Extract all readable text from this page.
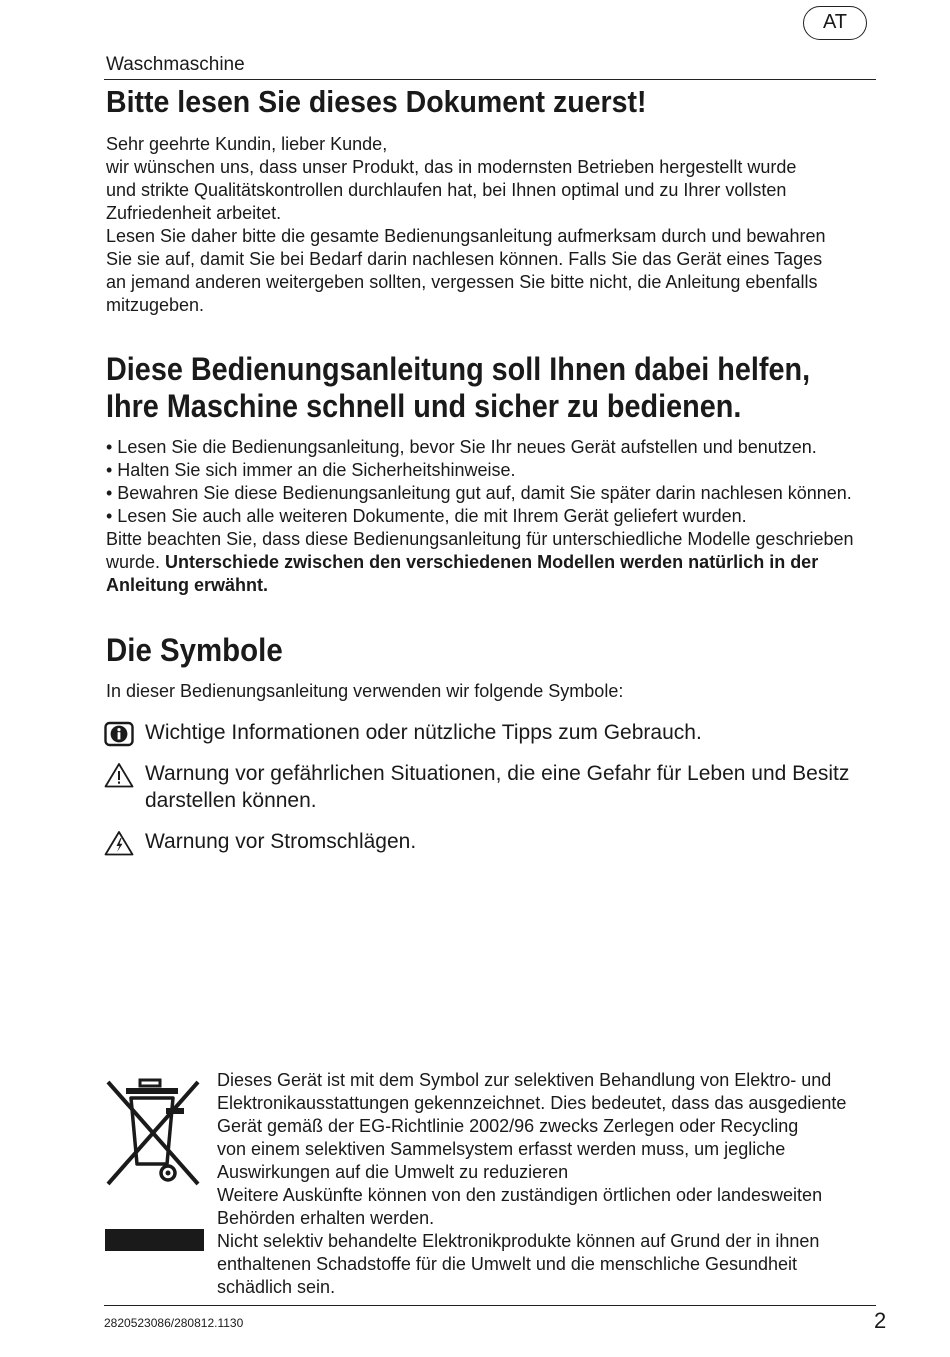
AT
Waschmaschine
Bitte lesen Sie dieses Dokument zuerst!
Sehr geehrte Kundin, lieber Kunde,
wir wünschen uns, dass unser Produkt, das in modernsten Betrieben hergestellt wurde
und strikte Qualitätskontrollen durchlaufen hat, bei Ihnen optimal und zu Ihrer vollsten
Zufriedenheit arbeitet.
Lesen Sie daher bitte die gesamte Bedienungsanleitung aufmerksam durch und bewahren
Sie sie auf, damit Sie bei Bedarf darin nachlesen können. Falls Sie das Gerät eines Tages
an jemand anderen weitergeben sollten, vergessen Sie bitte nicht, die Anleitung ebenfalls
mitzugeben.
Diese Bedienungsanleitung soll Ihnen dabei helfen,
Ihre Maschine schnell und sicher zu bedienen.
• Lesen Sie die Bedienungsanleitung, bevor Sie Ihr neues Gerät aufstellen und benutzen.
• Halten Sie sich immer an die Sicherheitshinweise.
• Bewahren Sie diese Bedienungsanleitung gut auf, damit Sie später darin nachlesen können.
• Lesen Sie auch alle weiteren Dokumente, die mit Ihrem Gerät geliefert wurden.
Bitte beachten Sie, dass diese Bedienungsanleitung für unterschiedliche Modelle geschrieben
wurde. Unterschiede zwischen den verschiedenen Modellen werden natürlich in der
Anleitung erwähnt.
Die Symbole
In dieser Bedienungsanleitung verwenden wir folgende Symbole:
Wichtige Informationen oder nützliche Tipps zum Gebrauch.
Warnung vor gefährlichen Situationen, die eine Gefahr für Leben und Besitz
darstellen können.
Warnung vor Stromschlägen.
Dieses Gerät ist mit dem Symbol zur selektiven Behandlung von Elektro- und
Elektronikausstattungen gekennzeichnet. Dies bedeutet, dass das ausgediente
Gerät gemäß der EG-Richtlinie 2002/96 zwecks Zerlegen oder Recycling
von einem selektiven Sammelsystem erfasst werden muss, um jegliche
Auswirkungen auf die Umwelt zu reduzieren
Weitere Auskünfte können von den zuständigen örtlichen oder landesweiten
Behörden erhalten werden.
Nicht selektiv behandelte Elektronikprodukte können auf Grund der in ihnen
enthaltenen Schadstoffe für die Umwelt und die menschliche Gesundheit
schädlich sein.
2820523086/280812.1130	2
